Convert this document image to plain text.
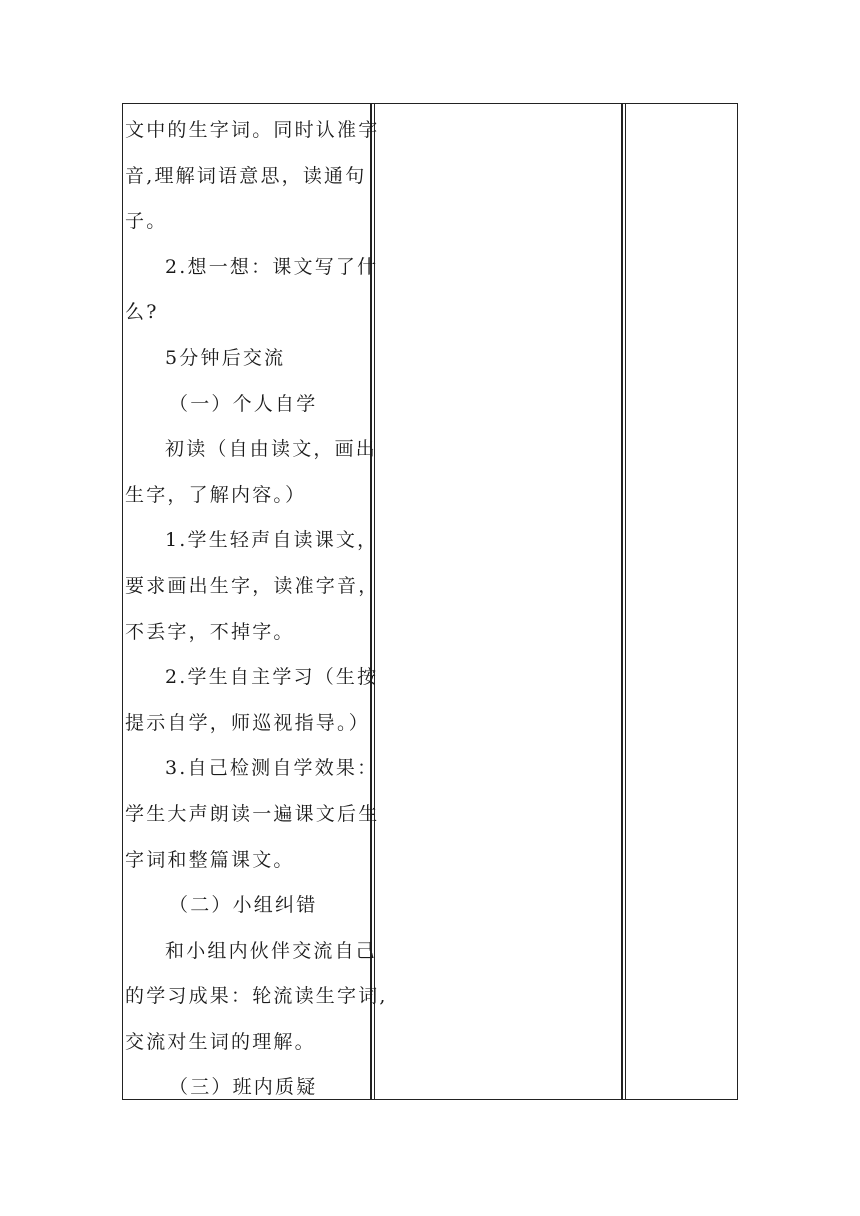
文中的生字词。同时认准字
音,理解词语意思，读通句
子。
2.想一想：课文写了什
么?
5分钟后交流
（一）个人自学
初读（自由读文，画出
生字，了解内容。）
1.学生轻声自读课文，
要求画出生字，读准字音，
不丢字，不掉字。
2.学生自主学习（生按
提示自学，师巡视指导。）
3.自己检测自学效果：
学生大声朗读一遍课文后生
字词和整篇课文。
（二）小组纠错
和小组内伙伴交流自己
的学习成果：轮流读生字词,
交流对生词的理解。
（三）班内质疑
